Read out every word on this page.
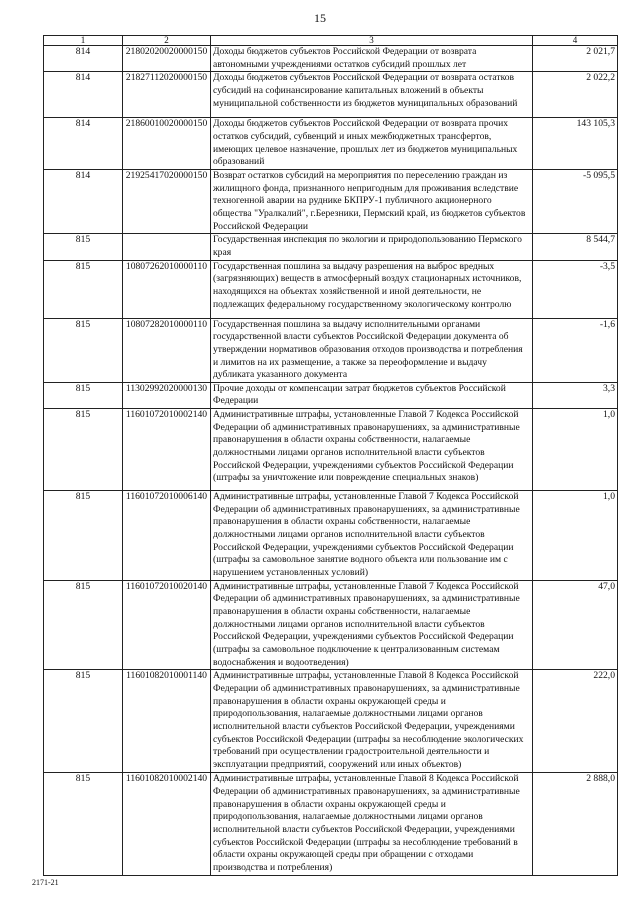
15
1	2	3	4
814	21802020020000150	Доходы бюджетов субъектов Российской Федерации от возврата автономными учреждениями остатков субсидий прошлых лет	2 021,7
814	21827112020000150	Доходы бюджетов субъектов Российской Федерации от возврата остатков субсидий на софинансирование капитальных вложений в объекты муниципальной собственности из бюджетов муниципальных образований	2 022,2
814	21860010020000150	Доходы бюджетов субъектов Российской Федерации от возврата прочих остатков субсидий, субвенций и иных межбюджетных трансфертов, имеющих целевое назначение, прошлых лет из бюджетов муниципальных образований	143 105,3
814	21925417020000150	Возврат остатков субсидий на мероприятия по переселению граждан из жилищного фонда, признанного непригодным для проживания вследствие техногенной аварии на руднике БКПРУ-1 публичного акционерного общества "Уралкалий", г.Березники, Пермский край, из бюджетов субъектов Российской Федерации	-5 095,5
815		Государственная инспекция по экологии и природопользованию Пермского края	8 544,7
815	10807262010000110	Государственная пошлина за выдачу разрешения на выброс вредных (загрязняющих) веществ в атмосферный воздух стационарных источников, находящихся на объектах хозяйственной и иной деятельности, не подлежащих федеральному государственному экологическому контролю	-3,5
815	10807282010000110	Государственная пошлина за выдачу исполнительными органами государственной власти субъектов Российской Федерации документа об утверждении нормативов образования отходов производства и потребления и лимитов на их размещение, а также за переоформление и выдачу дубликата указанного документа	-1,6
815	11302992020000130	Прочие доходы от компенсации затрат бюджетов субъектов Российской Федерации	3,3
815	11601072010002140	Административные штрафы, установленные Главой 7 Кодекса Российской Федерации об административных правонарушениях, за административные правонарушения в области охраны собственности, налагаемые должностными лицами органов исполнительной власти субъектов Российской Федерации, учреждениями субъектов Российской Федерации (штрафы за уничтожение или повреждение специальных знаков)	1,0
815	11601072010006140	Административные штрафы, установленные Главой 7 Кодекса Российской Федерации об административных правонарушениях, за административные правонарушения в области охраны собственности, налагаемые должностными лицами органов исполнительной власти субъектов Российской Федерации, учреждениями субъектов Российской Федерации (штрафы за самовольное занятие водного объекта или пользование им с нарушением установленных условий)	1,0
815	11601072010020140	Административные штрафы, установленные Главой 7 Кодекса Российской Федерации об административных правонарушениях, за административные правонарушения в области охраны собственности, налагаемые должностными лицами органов исполнительной власти субъектов Российской Федерации, учреждениями субъектов Российской Федерации (штрафы за самовольное подключение к централизованным системам водоснабжения и водоотведения)	47,0
815	11601082010001140	Административные штрафы, установленные Главой 8 Кодекса Российской Федерации об административных правонарушениях, за административные правонарушения в области охраны окружающей среды и природопользования, налагаемые должностными лицами органов исполнительной власти субъектов Российской Федерации, учреждениями субъектов Российской Федерации (штрафы за несоблюдение экологических требований при осуществлении градостроительной деятельности и эксплуатации предприятий, сооружений или иных объектов)	222,0
815	11601082010002140	Административные штрафы, установленные Главой 8 Кодекса Российской Федерации об административных правонарушениях, за административные правонарушения в области охраны окружающей среды и природопользования, налагаемые должностными лицами органов исполнительной власти субъектов Российской Федерации, учреждениями субъектов Российской Федерации (штрафы за несоблюдение требований в области охраны окружающей среды при обращении с отходами производства и потребления)	2 888,0
2171-21
